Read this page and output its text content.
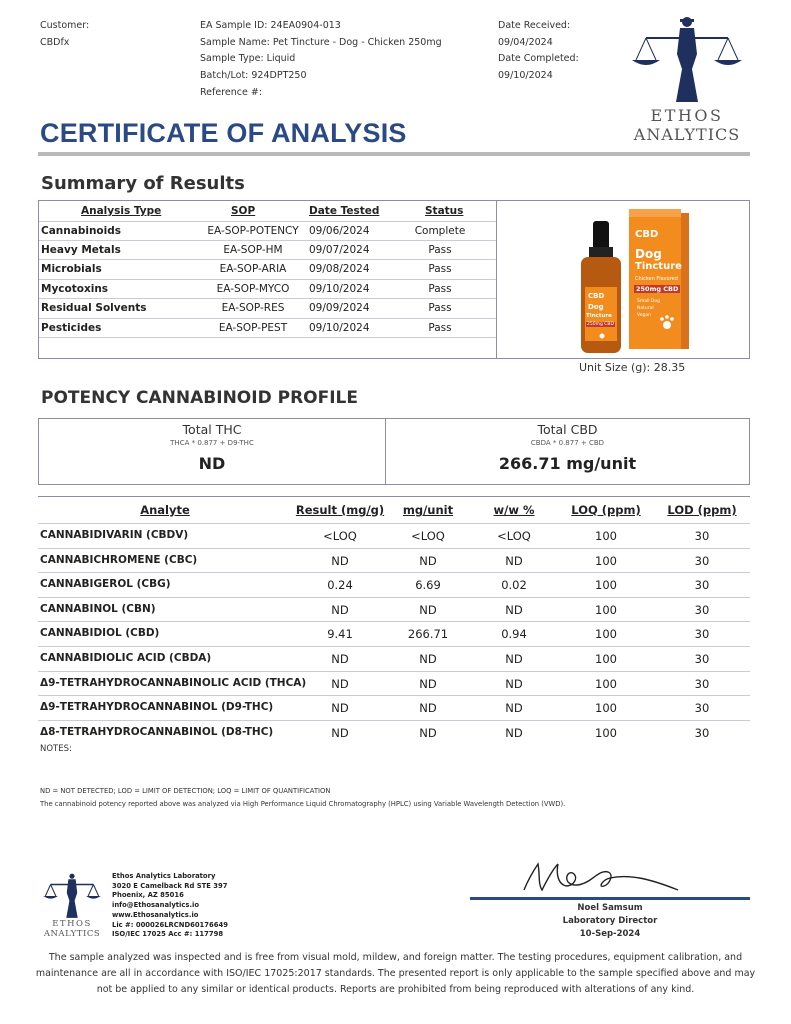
Customer:
CBDfx
EA Sample ID: 24EA0904-013
Sample Name: Pet Tincture - Dog - Chicken 250mg
Sample Type: Liquid
Batch/Lot: 924DPT250
Reference #:
Date Received:
09/04/2024
Date Completed:
09/10/2024
ETHOS
ANALYTICS
CERTIFICATE OF ANALYSIS
Summary of Results
Analysis Type	SOP	Date Tested	Status
Cannabinoids	EA-SOP-POTENCY 09/06/2024	Complete
Heavy Metals	EA-SOP-HM	09/07/2024	Pass
Microbials	EA-SOP-ARIA 09/08/2024	Pass
Mycotoxins	EA-SOP-MYCO 09/10/2024	Pass
Residual Solvents	EA-SOP-RES 09/09/2024	Pass
Pesticides	EA-SOP-PEST 09/10/2024	Pass
CBD
Dog
Tincture
Chicken Flavored
250mg CBD
Small Dog
Natural
Vegan
CBD
Dog
Tincture
250mg CBD
Unit Size (g): 28.35
POTENCY CANNABINOID PROFILE
Total THC
THCA * 0.877 + D9-THC
ND
Total CBD
CBDA * 0.877 + CBD
266.71 mg/unit
Analyte	Result (mg/g) mg/unit	w/w %	LOQ (ppm) LOD (ppm)
CANNABIDIVARIN (CBDV)	<LOQ	<LOQ	<LOQ	100	30
CANNABICHROMENE (CBC)	ND	ND	ND	100	30
CANNABIGEROL (CBG)	0.24	6.69	0.02	100	30
CANNABINOL (CBN)	ND	ND	ND	100	30
CANNABIDIOL (CBD)	9.41	266.71	0.94	100	30
CANNABIDIOLIC ACID (CBDA)	ND	ND	ND	100	30
Δ9-TETRAHYDROCANNABINOLIC ACID (THCA) ND	ND	ND	100	30
Δ9-TETRAHYDROCANNABINOL (D9-THC)	ND	ND	ND	100	30
Δ8-TETRAHYDROCANNABINOL (D8-THC)	ND	ND	ND	100	30
NOTES:
ND = NOT DETECTED; LOD = LIMIT OF DETECTION; LOQ = LIMIT OF QUANTIFICATION
The cannabinoid potency reported above was analyzed via High Performance Liquid Chromatography (HPLC) using Variable Wavelength Detection (VWD).
ETHOS
ANALYTICS
Ethos Analytics Laboratory
3020 E Camelback Rd STE 397
Phoenix, AZ 85016
info@Ethosanalytics.io
www.Ethosanalytics.io
Lic #: 000026LRCND60176649
ISO/IEC 17025 Acc #: 117798
Noel Samsum
Laboratory Director
10-Sep-2024
The sample analyzed was inspected and is free from visual mold, mildew, and foreign matter. The testing procedures, equipment calibration, and maintenance are all in accordance with ISO/IEC 17025:2017 standards. The presented report is only applicable to the sample specified above and may not be applied to any similar or identical products. Reports are prohibited from being reproduced with alterations of any kind.
